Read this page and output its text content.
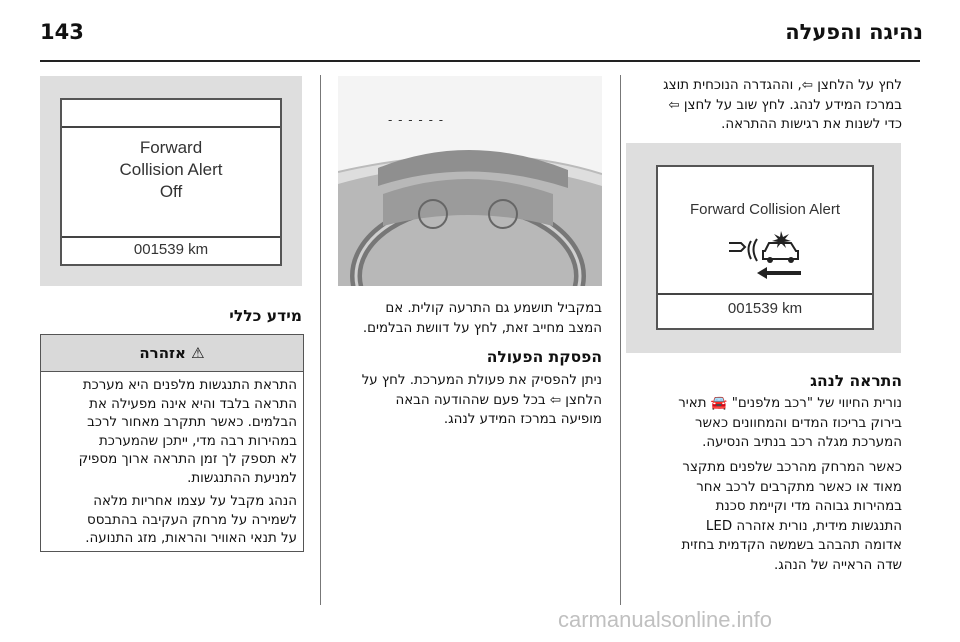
143	נהיגה והפעלה
לחץ על הלחצן ⇦, וההגדרה הנוכחית תוצג
במרכז המידע לנהג. לחץ שוב על לחצן ⇦
כדי לשנות את רגישות ההתראה.
Forward Collision Alert
001539 km
התראה לנהג
נורית החיווי של "רכב מלפנים" 🚘 תאיר
בירוק בריכוז המדים והמחוונים כאשר
המערכת מגלה רכב בנתיב הנסיעה.
כאשר המרחק מהרכב שלפנים מתקצר
מאוד או כאשר מתקרבים לרכב אחר
במהירות גבוהה מדי וקיימת סכנת
התנגשות מידית, נורית אזהרה LED
אדומה תהבהב בשמשה הקדמית בחזית
שדה הראייה של הנהג.
- - - - - -
במקביל תושמע גם התרעה קולית. אם
המצב מחייב זאת, לחץ על דוושת הבלמים.
הפסקת הפעולה
ניתן להפסיק את פעולת המערכת. לחץ על
הלחצן ⇦ בכל פעם שההודעה הבאה
מופיעה במרכז המידע לנהג.
Forward
Collision Alert
Off
001539 km
מידע כללי
⚠ אזהרה
התראת התנגשות מלפנים היא מערכת
התראה בלבד והיא אינה מפעילה את
הבלמים. כאשר תתקרב מאחור לרכב
במהירות רבה מדי, ייתכן שהמערכת
לא תספק לך זמן התראה ארוך מספיק
למניעת ההתנגשות.
הנהג מקבל על עצמו אחריות מלאה
לשמירה על מרחק העקיבה בהתבסס
על תנאי האוויר והראות, מזג התנועה.
carmanualsonline.info
